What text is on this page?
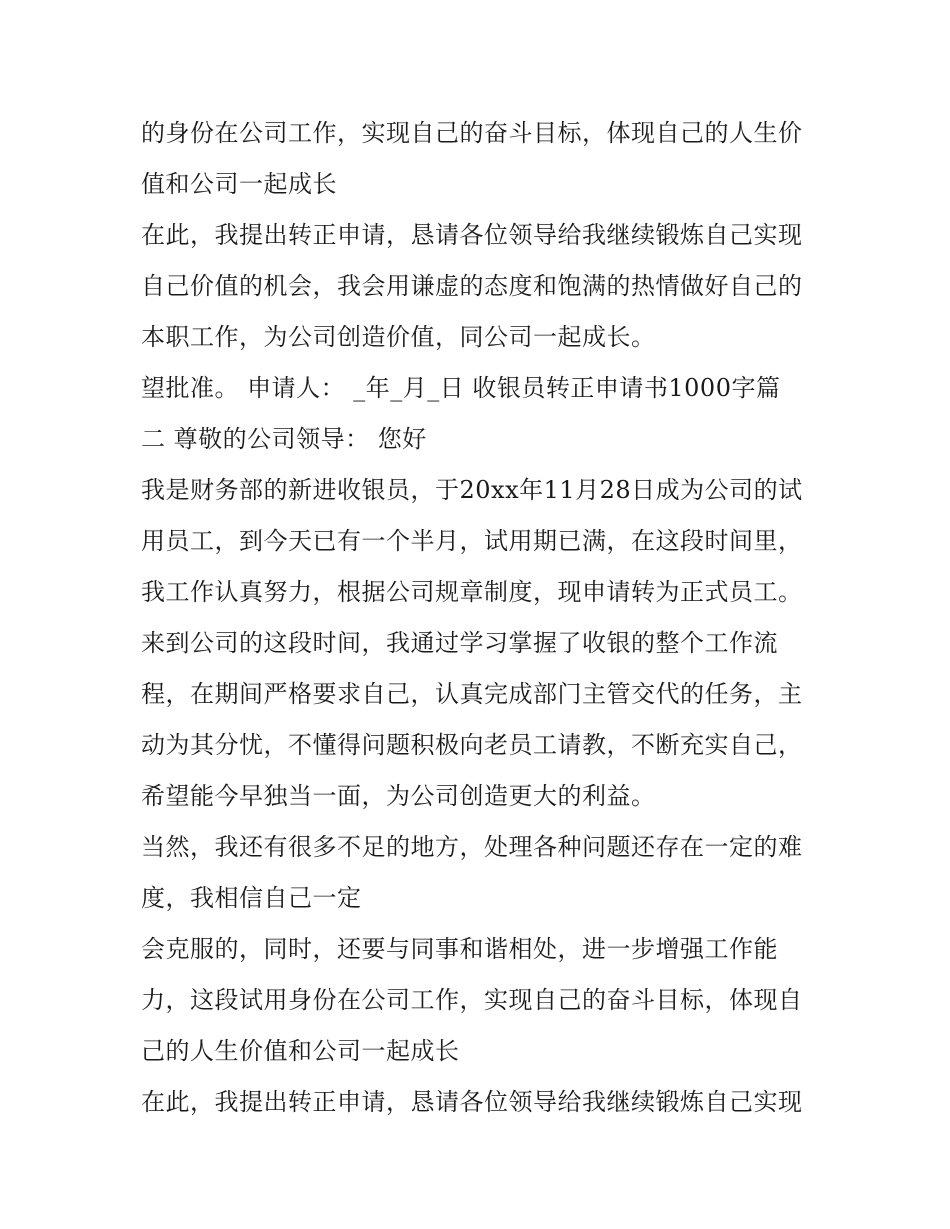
的身份在公司工作，实现自己的奋斗目标，体现自己的人生价
值和公司一起成长
在此，我提出转正申请，恳请各位领导给我继续锻炼自己实现
自己价值的机会，我会用谦虚的态度和饱满的热情做好自己的
本职工作，为公司创造价值，同公司一起成长。
望批准。 申请人： _年_月_日 收银员转正申请书1000字篇
二 尊敬的公司领导： 您好
我是财务部的新进收银员，于20xx年11月28日成为公司的试
用员工，到今天已有一个半月，试用期已满，在这段时间里，
我工作认真努力，根据公司规章制度，现申请转为正式员工。
来到公司的这段时间，我通过学习掌握了收银的整个工作流
程，在期间严格要求自己，认真完成部门主管交代的任务，主
动为其分忧，不懂得问题积极向老员工请教，不断充实自己，
希望能今早独当一面，为公司创造更大的利益。
当然，我还有很多不足的地方，处理各种问题还存在一定的难
度，我相信自己一定
会克服的，同时，还要与同事和谐相处，进一步增强工作能
力，这段试用身份在公司工作，实现自己的奋斗目标，体现自
己的人生价值和公司一起成长
在此，我提出转正申请，恳请各位领导给我继续锻炼自己实现
